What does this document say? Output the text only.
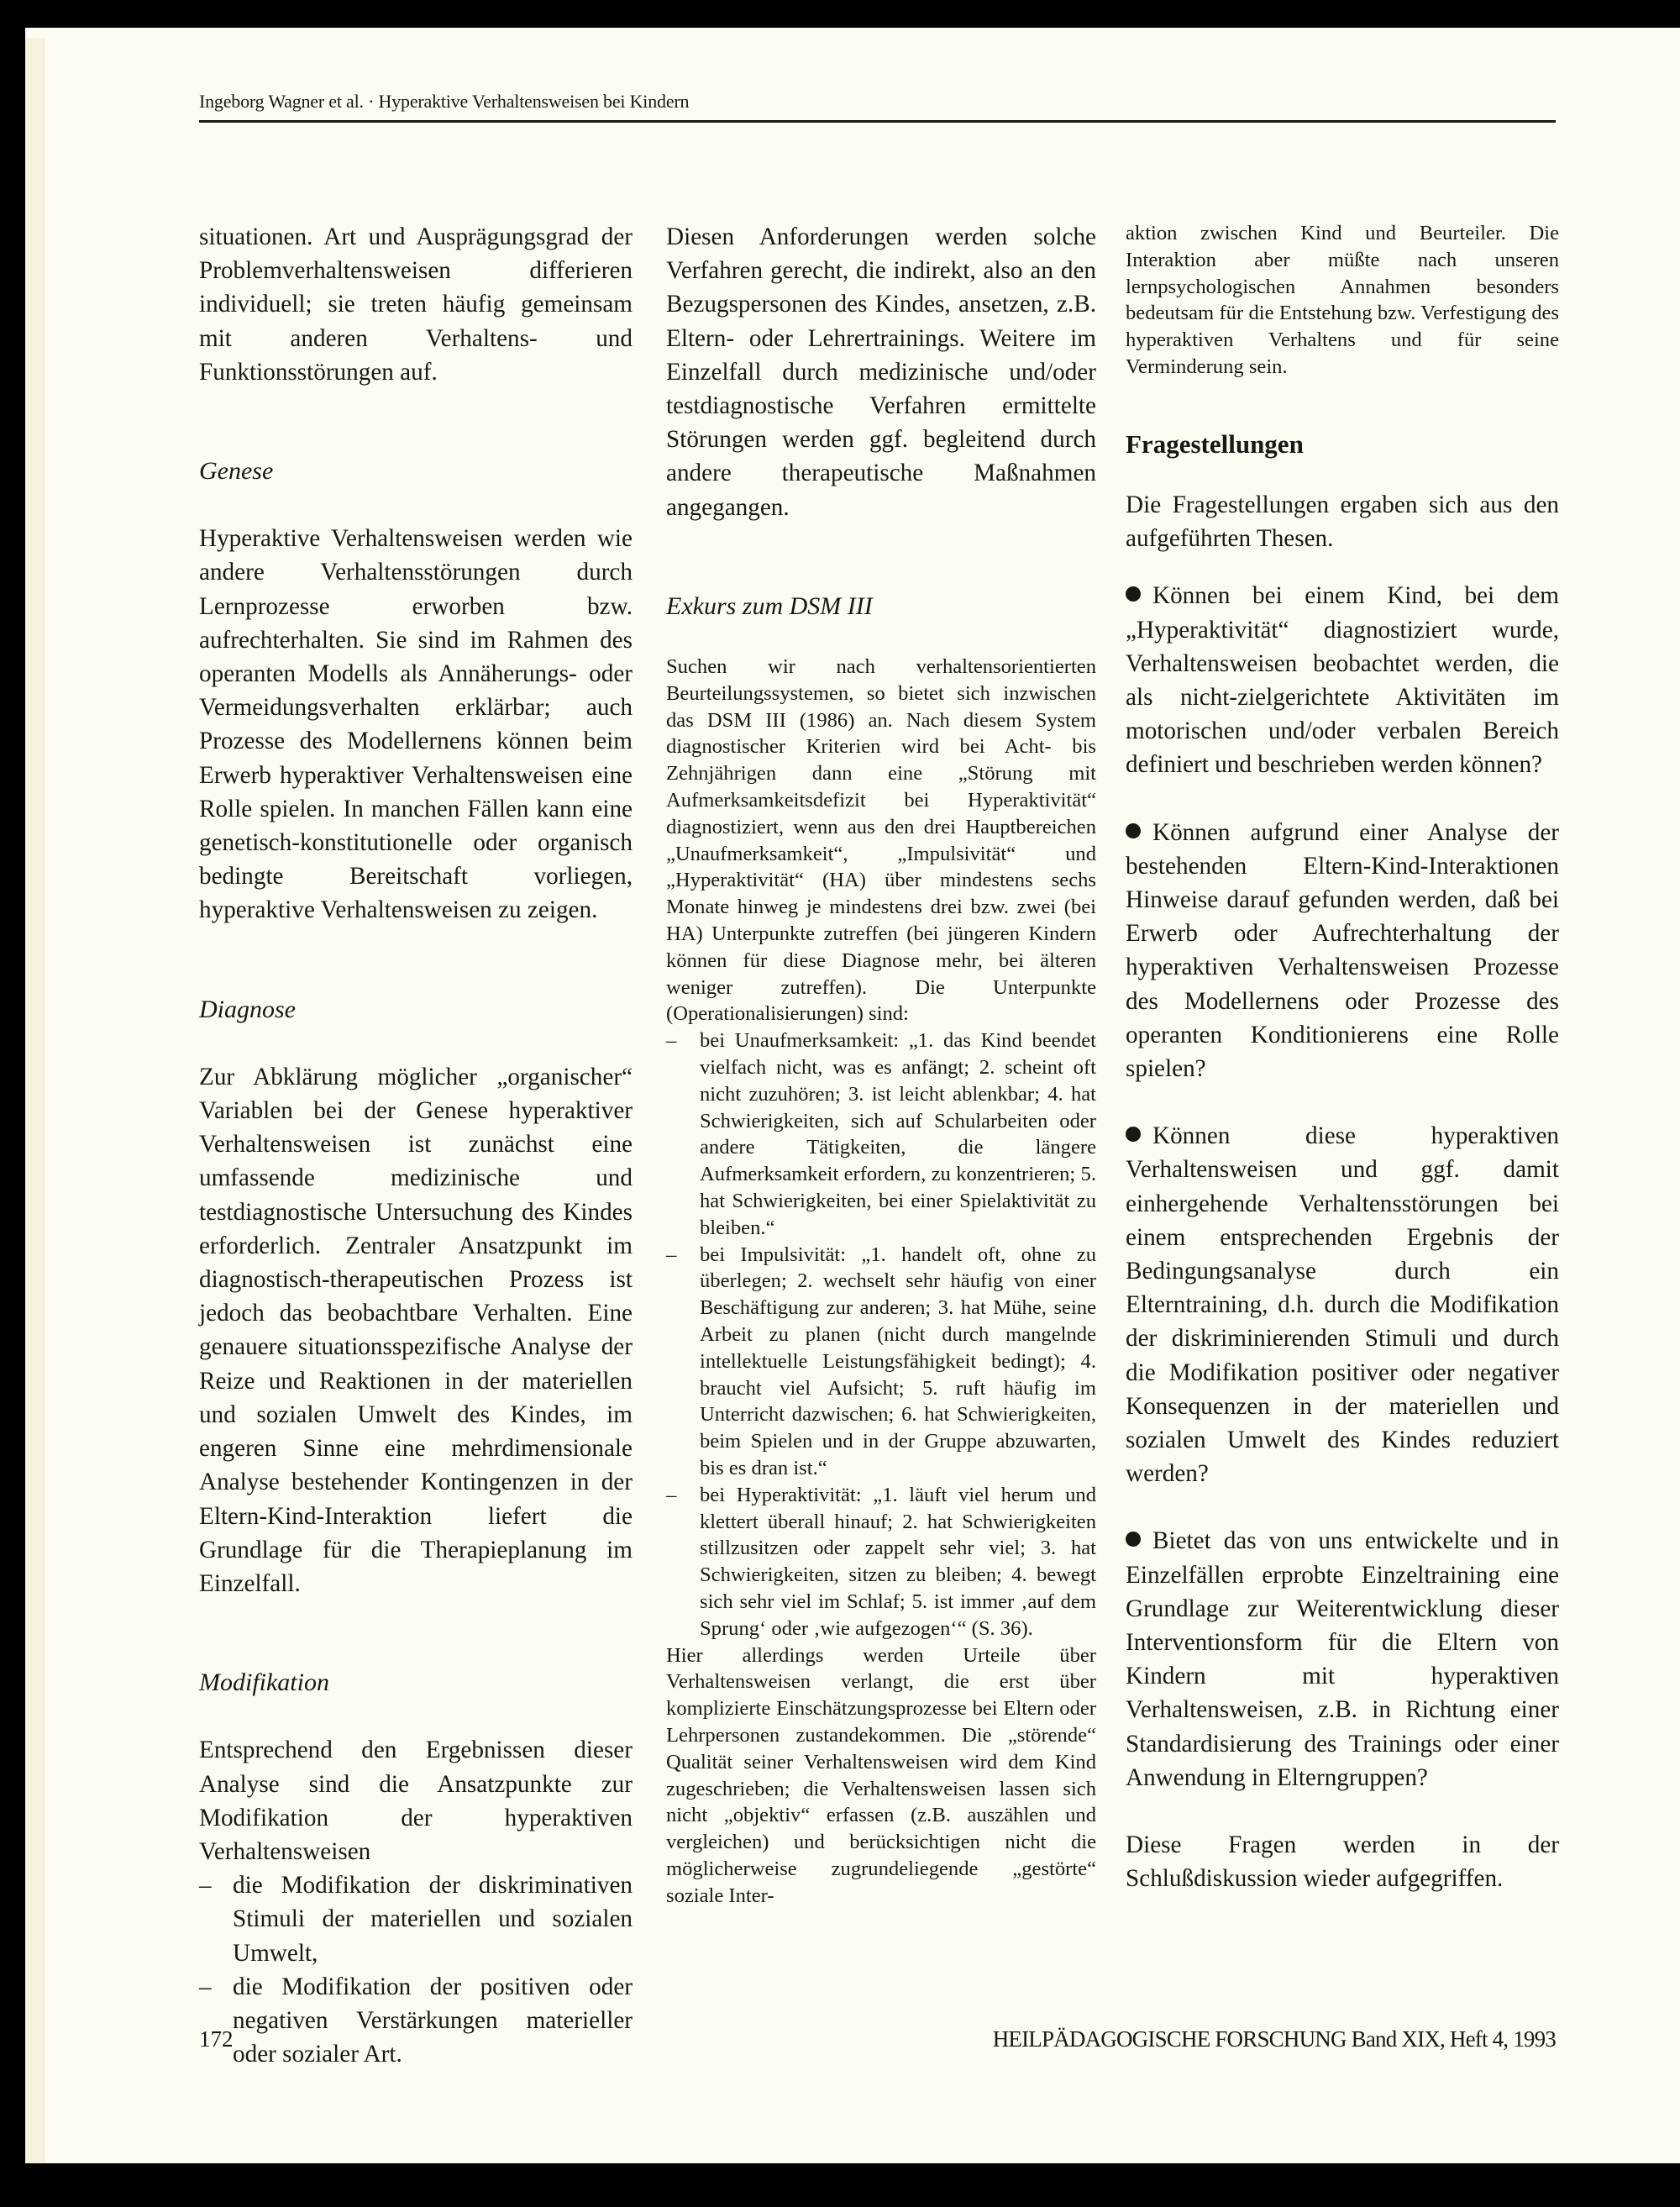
Ingeborg Wagner et al. · Hyperaktive Verhaltensweisen bei Kindern

situationen. Art und Ausprägungsgrad der Problemverhaltensweisen differieren individuell; sie treten häufig gemeinsam mit anderen Verhaltens- und Funktionsstörungen auf.

Genese

Hyperaktive Verhaltensweisen werden wie andere Verhaltensstörungen durch Lernprozesse erworben bzw. aufrechterhalten. Sie sind im Rahmen des operanten Modells als Annäherungs- oder Vermeidungsverhalten erklärbar; auch Prozesse des Modellernens können beim Erwerb hyperaktiver Verhaltensweisen eine Rolle spielen. In manchen Fällen kann eine genetisch-konstitutionelle oder organisch bedingte Bereitschaft vorliegen, hyperaktive Verhaltensweisen zu zeigen.

Diagnose

Zur Abklärung möglicher „organischer“ Variablen bei der Genese hyperaktiver Verhaltensweisen ist zunächst eine umfassende medizinische und testdiagnostische Untersuchung des Kindes erforderlich. Zentraler Ansatzpunkt im diagnostisch-therapeutischen Prozess ist jedoch das beobachtbare Verhalten. Eine genauere situationsspezifische Analyse der Reize und Reaktionen in der materiellen und sozialen Umwelt des Kindes, im engeren Sinne eine mehrdimensionale Analyse bestehender Kontingenzen in der Eltern-Kind-Interaktion liefert die Grundlage für die Therapieplanung im Einzelfall.

Modifikation

Entsprechend den Ergebnissen dieser Analyse sind die Ansatzpunkte zur Modifikation der hyperaktiven Verhaltensweisen

– die Modifikation der diskriminativen Stimuli der materiellen und sozialen Umwelt,
– die Modifikation der positiven oder negativen Verstärkungen materieller oder sozialer Art.

Diesen Anforderungen werden solche Verfahren gerecht, die indirekt, also an den Bezugspersonen des Kindes, ansetzen, z.B. Eltern- oder Lehrertrainings. Weitere im Einzelfall durch medizinische und/oder testdiagnostische Verfahren ermittelte Störungen werden ggf. begleitend durch andere therapeutische Maßnahmen angegangen.

Exkurs zum DSM III

Suchen wir nach verhaltensorientierten Beurteilungssystemen, so bietet sich inzwischen das DSM III (1986) an. Nach diesem System diagnostischer Kriterien wird bei Acht- bis Zehnjährigen dann eine „Störung mit Aufmerksamkeitsdefizit bei Hyperaktivität“ diagnostiziert, wenn aus den drei Hauptbereichen „Unaufmerksamkeit“, „Impulsivität“ und „Hyperaktivität“ (HA) über mindestens sechs Monate hinweg je mindestens drei bzw. zwei (bei HA) Unterpunkte zutreffen (bei jüngeren Kindern können für diese Diagnose mehr, bei älteren weniger zutreffen). Die Unterpunkte (Operationalisierungen) sind:

– bei Unaufmerksamkeit: „1. das Kind beendet vielfach nicht, was es anfängt; 2. scheint oft nicht zuzuhören; 3. ist leicht ablenkbar; 4. hat Schwierigkeiten, sich auf Schularbeiten oder andere Tätigkeiten, die längere Aufmerksamkeit erfordern, zu konzentrieren; 5. hat Schwierigkeiten, bei einer Spielaktivität zu bleiben.“
– bei Impulsivität: „1. handelt oft, ohne zu überlegen; 2. wechselt sehr häufig von einer Beschäftigung zur anderen; 3. hat Mühe, seine Arbeit zu planen (nicht durch mangelnde intellektuelle Leistungsfähigkeit bedingt); 4. braucht viel Aufsicht; 5. ruft häufig im Unterricht dazwischen; 6. hat Schwierigkeiten, beim Spielen und in der Gruppe abzuwarten, bis es dran ist.“
– bei Hyperaktivität: „1. läuft viel herum und klettert überall hinauf; 2. hat Schwierigkeiten stillzusitzen oder zappelt sehr viel; 3. hat Schwierigkeiten, sitzen zu bleiben; 4. bewegt sich sehr viel im Schlaf; 5. ist immer ‚auf dem Sprung‘ oder ‚wie aufgezogen‘“ (S. 36).

Hier allerdings werden Urteile über Verhaltensweisen verlangt, die erst über komplizierte Einschätzungsprozesse bei Eltern oder Lehrpersonen zustandekommen. Die „störende“ Qualität seiner Verhaltensweisen wird dem Kind zugeschrieben; die Verhaltensweisen lassen sich nicht „objektiv“ erfassen (z.B. auszählen und vergleichen) und berücksichtigen nicht die möglicherweise zugrundeliegende „gestörte“ soziale Inter-

aktion zwischen Kind und Beurteiler. Die Interaktion aber müßte nach unseren lernpsychologischen Annahmen besonders bedeutsam für die Entstehung bzw. Verfestigung des hyperaktiven Verhaltens und für seine Verminderung sein.

Fragestellungen

Die Fragestellungen ergaben sich aus den aufgeführten Thesen.

Können bei einem Kind, bei dem „Hyperaktivität“ diagnostiziert wurde, Verhaltensweisen beobachtet werden, die als nicht-zielgerichtete Aktivitäten im motorischen und/oder verbalen Bereich definiert und beschrieben werden können?

Können aufgrund einer Analyse der bestehenden Eltern-Kind-Interaktionen Hinweise darauf gefunden werden, daß bei Erwerb oder Aufrechterhaltung der hyperaktiven Verhaltensweisen Prozesse des Modellernens oder Prozesse des operanten Konditionierens eine Rolle spielen?

Können diese hyperaktiven Verhaltensweisen und ggf. damit einhergehende Verhaltensstörungen bei einem entsprechenden Ergebnis der Bedingungsanalyse durch ein Elterntraining, d.h. durch die Modifikation der diskriminierenden Stimuli und durch die Modifikation positiver oder negativer Konsequenzen in der materiellen und sozialen Umwelt des Kindes reduziert werden?

Bietet das von uns entwickelte und in Einzelfällen erprobte Einzeltraining eine Grundlage zur Weiterentwicklung dieser Interventionsform für die Eltern von Kindern mit hyperaktiven Verhaltensweisen, z.B. in Richtung einer Standardisierung des Trainings oder einer Anwendung in Elterngruppen?

Diese Fragen werden in der Schlußdiskussion wieder aufgegriffen.

172	HEILPÄDAGOGISCHE FORSCHUNG Band XIX, Heft 4, 1993
